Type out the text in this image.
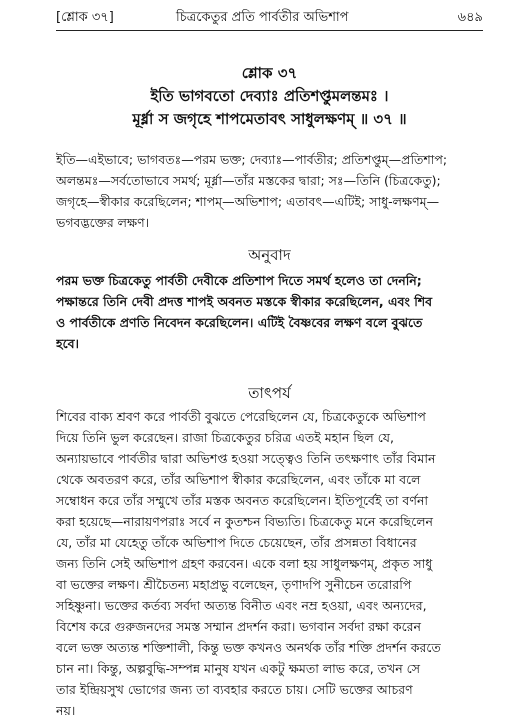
[শ্লোক ৩৭]	চিত্রকেতুর প্রতি পার্বতীর অভিশাপ	৬৪৯
শ্লোক ৩৭
ইতি ভাগবতো দেব্যাঃ প্রতিশপ্তুমলন্তমঃ ।
মূর্ধ্না স জগৃহে শাপমেতাবৎ সাধুলক্ষণম্ ॥ ৩৭ ॥
ইতি—এইভাবে; ভাগবতঃ—পরম ভক্ত; দেব্যাঃ—পার্বতীর; প্রতিশপ্তুম্—প্রতিশাপ;
অলন্তমঃ—সর্বতোভাবে সমর্থ; মূর্ধ্না—তাঁর মস্তকের দ্বারা; সঃ—তিনি (চিত্রকেতু);
জগৃহে—স্বীকার করেছিলেন; শাপম্—অভিশাপ; এতাবৎ—এটিই; সাধু-লক্ষণম্—
ভগবদ্ভক্তের লক্ষণ।
অনুবাদ
পরম ভক্ত চিত্রকেতু পার্বতী দেবীকে প্রতিশাপ দিতে সমর্থ হলেও তা দেননি;
পক্ষান্তরে তিনি দেবী প্রদত্ত শাপই অবনত মস্তকে স্বীকার করেছিলেন, এবং শিব
ও পার্বতীকে প্রণতি নিবেদন করেছিলেন। এটিই বৈষ্ণবের লক্ষণ বলে বুঝতে
হবে।
তাৎপর্য
শিবের বাক্য শ্রবণ করে পার্বতী বুঝতে পেরেছিলেন যে, চিত্রকেতুকে অভিশাপ
দিয়ে তিনি ভুল করেছেন। রাজা চিত্রকেতুর চরিত্র এতই মহান ছিল যে,
অন্যায়ভাবে পার্বতীর দ্বারা অভিশপ্ত হওয়া সত্ত্বেও তিনি তৎক্ষণাৎ তাঁর বিমান
থেকে অবতরণ করে, তাঁর অভিশাপ স্বীকার করেছিলেন, এবং তাঁকে মা বলে
সম্বোধন করে তাঁর সম্মুখে তাঁর মস্তক অবনত করেছিলেন। ইতিপূর্বেই তা বর্ণনা
করা হয়েছে—নারায়ণপরাঃ সর্বে ন কুতশ্চন বিভ্যতি। চিত্রকেতু মনে করেছিলেন
যে, তাঁর মা যেহেতু তাঁকে অভিশাপ দিতে চেয়েছেন, তাঁর প্রসন্নতা বিধানের
জন্য তিনি সেই অভিশাপ গ্রহণ করবেন। একে বলা হয় সাধুলক্ষণম্, প্রকৃত সাধু
বা ভক্তের লক্ষণ। শ্রীচৈতন্য মহাপ্রভু বলেছেন, তৃণাদপি সুনীচেন তরোরপি
সহিষ্ণুনা। ভক্তের কর্তব্য সর্বদা অত্যন্ত বিনীত এবং নম্র হওয়া, এবং অন্যদের,
বিশেষ করে গুরুজনদের সমস্ত সম্মান প্রদর্শন করা। ভগবান সর্বদা রক্ষা করেন
বলে ভক্ত অত্যন্ত শক্তিশালী, কিন্তু ভক্ত কখনও অনর্থক তাঁর শক্তি প্রদর্শন করতে
চান না। কিন্তু, অল্পবুদ্ধি-সম্পন্ন মানুষ যখন একটু ক্ষমতা লাভ করে, তখন সে
তার ইন্দ্রিয়সুখ ভোগের জন্য তা ব্যবহার করতে চায়। সেটি ভক্তের আচরণ
নয়।
